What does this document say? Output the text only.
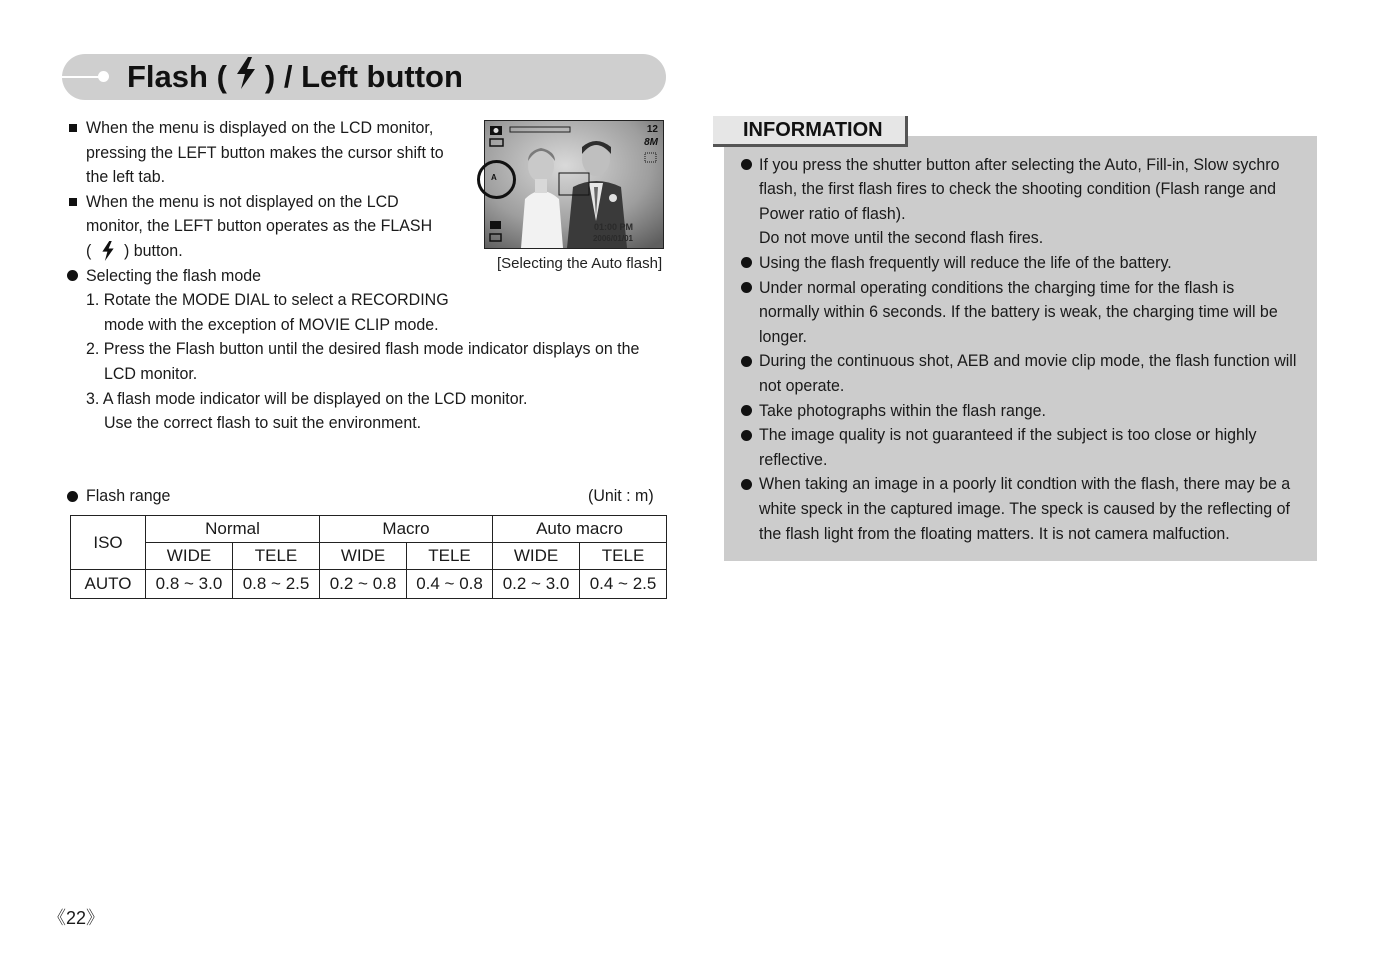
Flash ( ) / Left button
When the menu is displayed on the LCD monitor,
pressing the LEFT button makes the cursor shift to
the left tab.
When the menu is not displayed on the LCD
monitor, the LEFT button operates as the FLASH
( ) button.
Selecting the flash mode
1. Rotate the MODE DIAL to select a RECORDING
mode with the exception of MOVIE CLIP mode.
2. Press the Flash button until the desired flash mode indicator displays on the
LCD monitor.
3. A flash mode indicator will be displayed on the LCD monitor.
Use the correct flash to suit the environment.
12
8M
A
01:00 PM
2006/01/01
[Selecting the Auto flash]
Flash range	(Unit : m)
ISO	Normal		Macro		Auto macro	
	WIDE	TELE	WIDE	TELE	WIDE	TELE
AUTO	0.8 ~ 3.0	0.8 ~ 2.5	0.2 ~ 0.8	0.4 ~ 0.8	0.2 ~ 3.0	0.4 ~ 2.5
INFORMATION
If you press the shutter button after selecting the Auto, Fill-in, Slow sychro
flash, the first flash fires to check the shooting condition (Flash range and
Power ratio of flash).
Do not move until the second flash fires.
Using the flash frequently will reduce the life of the battery.
Under normal operating conditions the charging time for the flash is
normally within 6 seconds. If the battery is weak, the charging time will be
longer.
During the continuous shot, AEB and movie clip mode, the flash function will
not operate.
Take photographs within the flash range.
The image quality is not guaranteed if the subject is too close or highly
reflective.
When taking an image in a poorly lit condtion with the flash, there may be a
white speck in the captured image. The speck is caused by the reflecting of
the flash light from the floating matters. It is not camera malfuction.
《22》
